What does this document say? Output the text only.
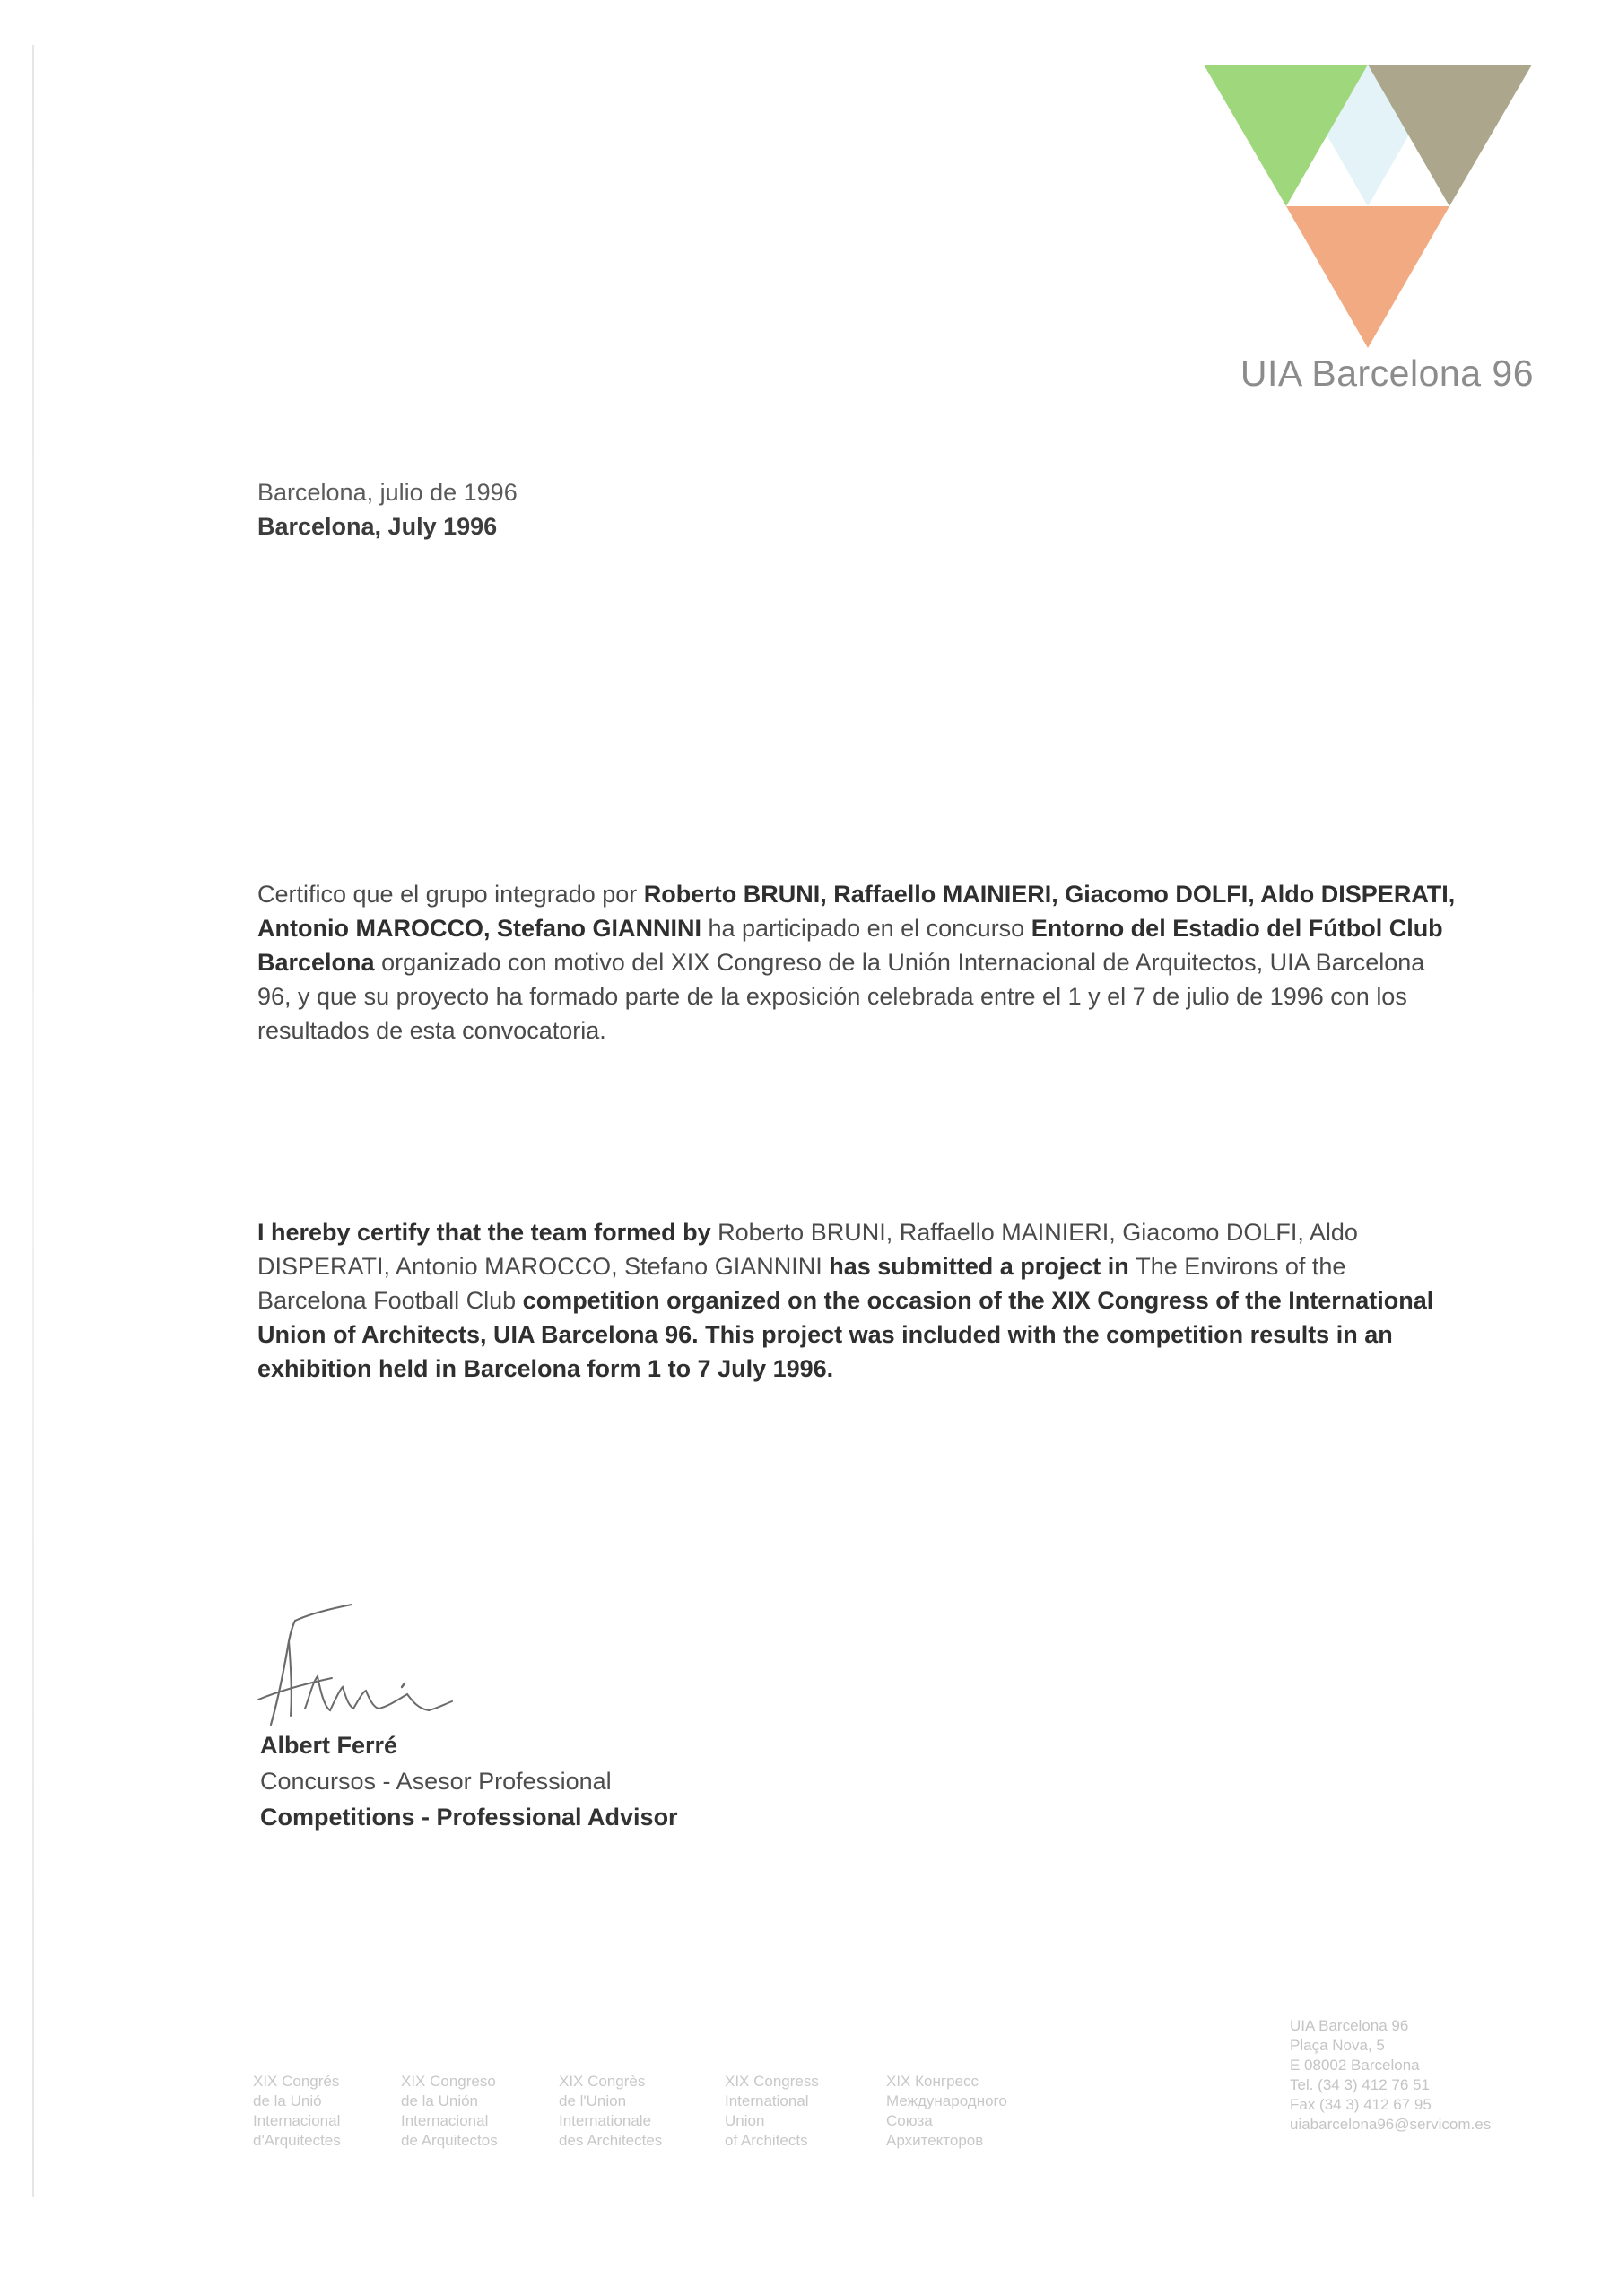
UIA Barcelona 96
Barcelona, julio de 1996
Barcelona, July 1996
Certifico que el grupo integrado por Roberto BRUNI, Raffaello MAINIERI, Giacomo DOLFI, Aldo DISPERATI, Antonio MAROCCO, Stefano GIANNINI ha participado en el concurso Entorno del Estadio del Fútbol Club Barcelona organizado con motivo del XIX Congreso de la Unión Internacional de Arquitectos, UIA Barcelona 96, y que su proyecto ha formado parte de la exposición celebrada entre el 1 y el 7 de julio de 1996 con los resultados de esta convocatoria.
I hereby certify that the team formed by Roberto BRUNI, Raffaello MAINIERI, Giacomo DOLFI, Aldo DISPERATI, Antonio MAROCCO, Stefano GIANNINI has submitted a project in The Environs of the Barcelona Football Club competition organized on the occasion of the XIX Congress of the International Union of Architects, UIA Barcelona 96. This project was included with the competition results in an exhibition held in Barcelona form 1 to 7 July 1996.
Albert Ferré
Concursos - Asesor Professional
Competitions - Professional Advisor
XIX Congrés
de la Unió
Internacional
d'Arquitectes
XIX Congreso
de la Unión
Internacional
de Arquitectos
XIX Congrès
de l'Union
Internationale
des Architectes
XIX Congress
International
Union
of Architects
XIX Конгресс
Международного
Союза
Архитекторов
UIA Barcelona 96
Plaça Nova, 5
E 08002 Barcelona
Tel. (34 3) 412 76 51
Fax (34 3) 412 67 95
uiabarcelona96@servicom.es
